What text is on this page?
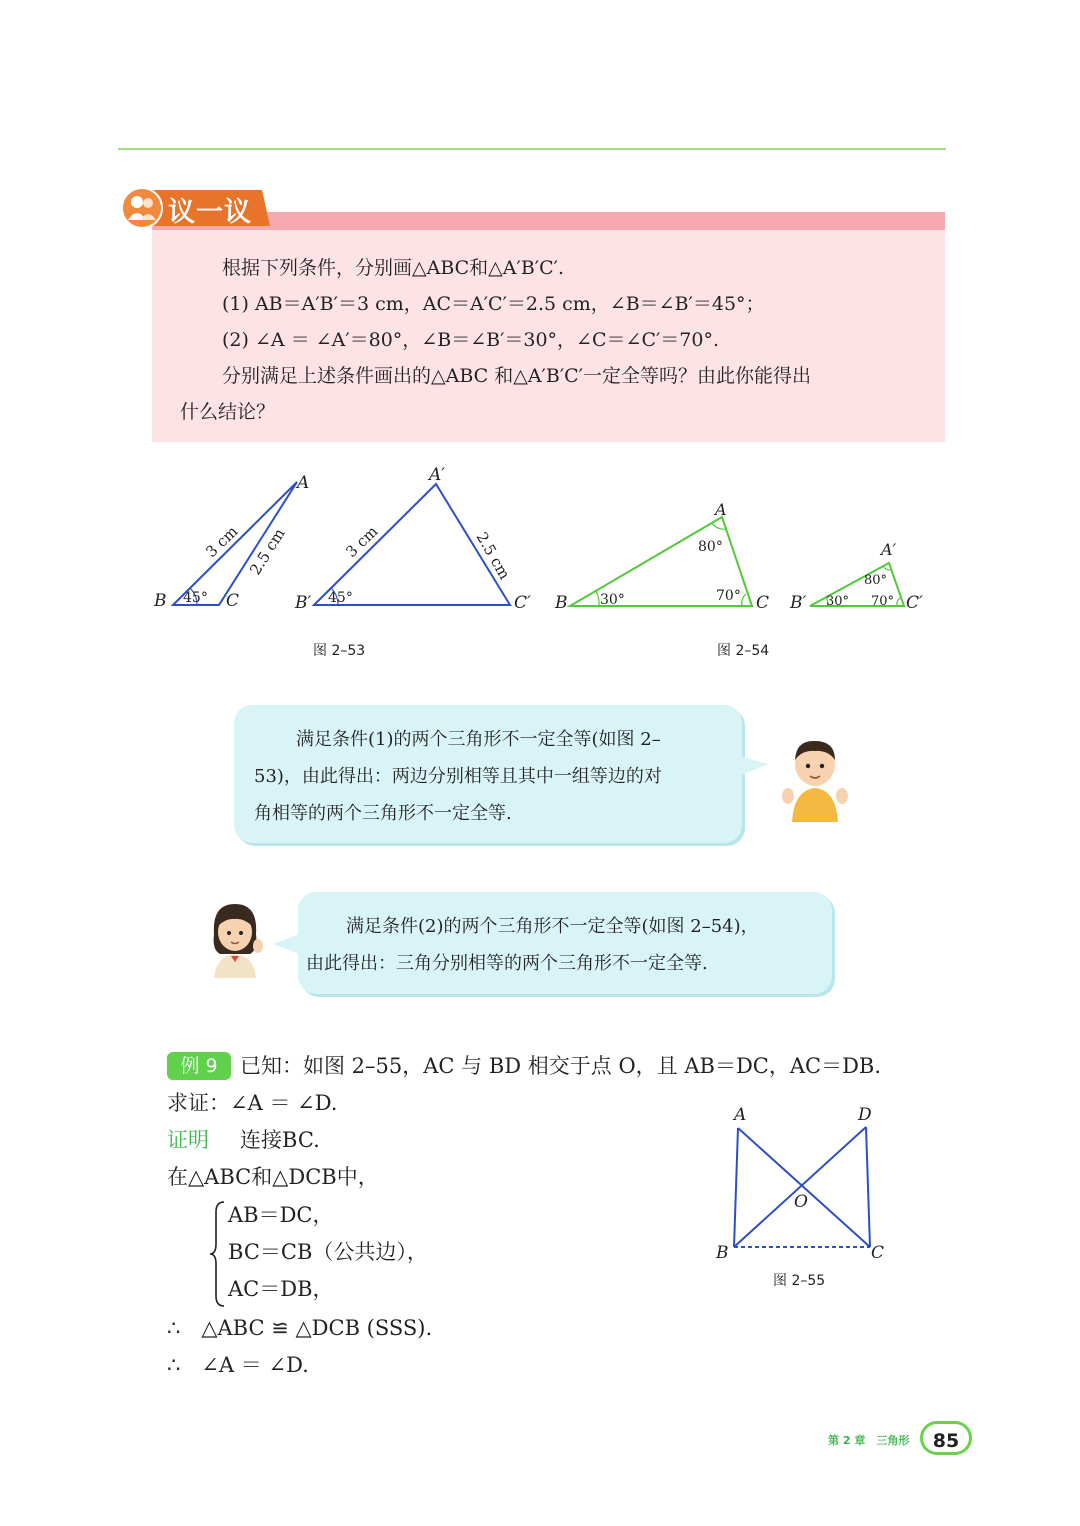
议一议
根据下列条件，分别画△ABC和△A′B′C′.
(1) AB＝A′B′＝3 cm，AC＝A′C′＝2.5 cm，∠B＝∠B′＝45°；
(2) ∠A ＝ ∠A′＝80°，∠B＝∠B′＝30°，∠C＝∠C′＝70°.
分别满足上述条件画出的△ABC 和△A′B′C′一定全等吗？由此你能得出
什么结论？
A
B	C
45°
3 cm 2.5 cm
A′
B′	C′
45°
3 cm	2.5 cm
A
B	C
80°
30°	70°
A′
B′	C′
80°
30° 70°
图 2–53	图 2–54
满足条件(1)的两个三角形不一定全等(如图 2–
53)，由此得出：两边分别相等且其中一组等边的对
角相等的两个三角形不一定全等.
满足条件(2)的两个三角形不一定全等(如图 2–54)，
由此得出：三角分别相等的两个三角形不一定全等.
例 9	已知：如图 2–55，AC 与 BD 相交于点 O，且 AB＝DC，AC＝DB.
求证：∠A ＝ ∠D.
证明 连接BC.
在△ABC和△DCB中，
AB＝DC，
BC＝CB（公共边），
AC＝DB，
∴　△ABC ≌ △DCB (SSS).
∴　∠A ＝ ∠D.
A	D
B	C
O
图 2–55
第 2 章　三角形	85
